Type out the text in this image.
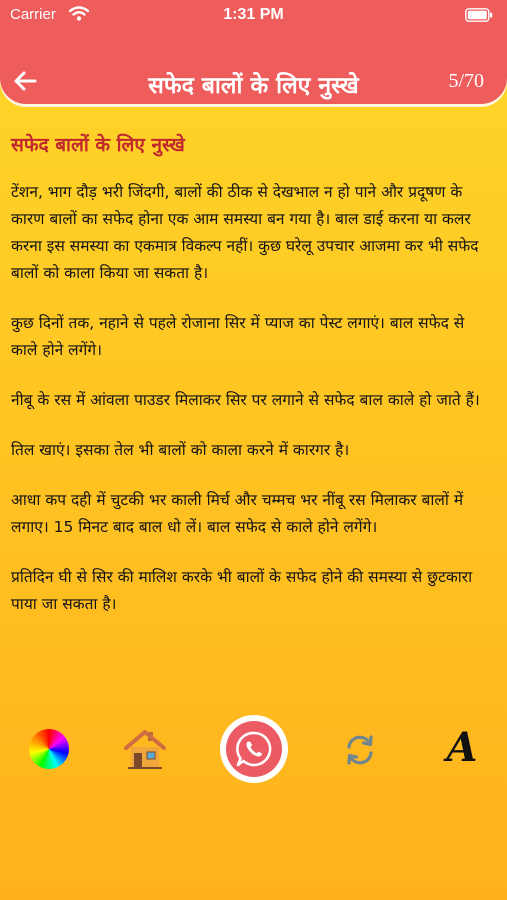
Carrier	1:31 PM
सफेद बालों के लिए नुस्खे	5/70
सफेद बालों के लिए नुस्खे

टेंशन, भाग दौड़ भरी जिंदगी, बालों की ठीक से देखभाल न हो पाने और प्रदूषण के कारण बालों का सफेद होना एक आम समस्या बन गया है। बाल डाई करना या कलर करना इस समस्या का एकमात्र विकल्प नहीं। कुछ घरेलू उपचार आजमा कर भी सफेद बालों को काला किया जा सकता है।

कुछ दिनों तक, नहाने से पहले रोजाना सिर में प्याज का पेस्ट लगाएं। बाल सफेद से काले होने लगेंगे।

नीबू के रस में आंवला पाउडर मिलाकर सिर पर लगाने से सफेद बाल काले हो जाते हैं।

तिल खाएं। इसका तेल भी बालों को काला करने में कारगर है।

आधा कप दही में चुटकी भर काली मिर्च और चम्मच भर नींबू रस मिलाकर बालों में लगाए। 15 मिनट बाद बाल धो लें। बाल सफेद से काले होने लगेंगे।

प्रतिदिन घी से सिर की मालिश करके भी बालों के सफेद होने की समस्या से छुटकारा पाया जा सकता है।

A
